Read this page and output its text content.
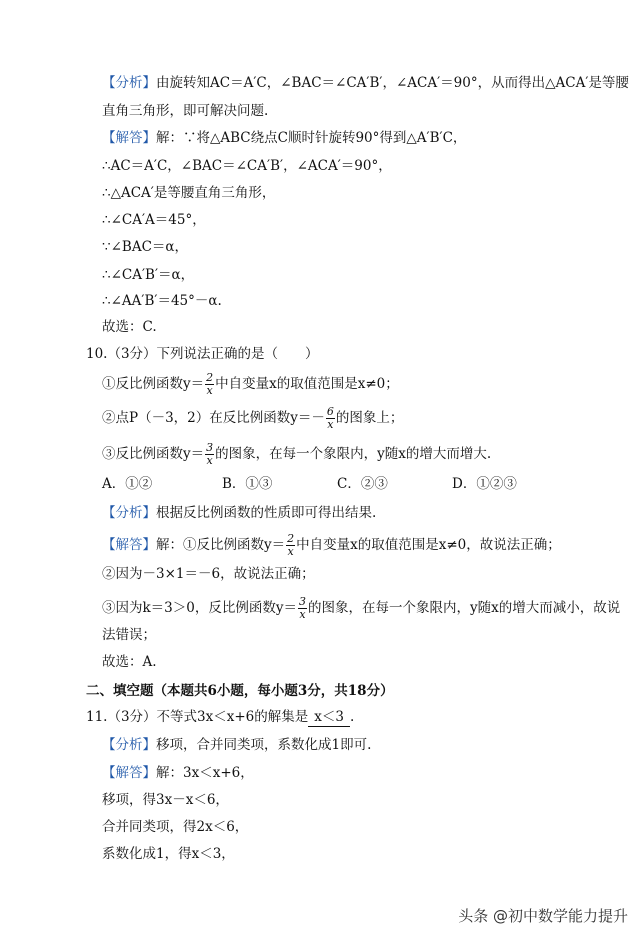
【分析】由旋转知AC＝A′C，∠BAC＝∠CA′B′，∠ACA′＝90°，从而得出△ACA′是等腰
直角三角形，即可解决问题.
【解答】解：∵将△ABC绕点C顺时针旋转90°得到△A′B′C，
∴AC＝A′C，∠BAC＝∠CA′B′，∠ACA′＝90°，
∴△ACA′是等腰直角三角形，
∴∠CA′A＝45°，
∵∠BAC＝α，
∴∠CA′B′＝α，
∴∠AA′B′＝45°－α.
故选：C.
10.（3分）下列说法正确的是（　　）
①反比例函数$y= \frac{2}{x}$ 中自变量x的取值范围是x≠0；
②点P（－3，2）在反比例函数$y=- \frac{6}{x}$ 的图象上；
③反比例函数$y= \frac{3}{x}$ 的图象，在每一个象限内，y随x的增大而增大.
A．①②	B．①③	C．②③	D．①②③
【分析】根据反比例函数的性质即可得出结果.
【解答】解：①反比例函数$y= \frac{2}{x}$ 中自变量x的取值范围是x≠0，故说法正确；
②因为－3×1＝－6，故说法正确；
③因为k＝3＞0，反比例函数$y= \frac{3}{x}$ 的图象，在每一个象限内，y随x的增大而减小，故说
法错误；
故选：A.
二、填空题（本题共6小题，每小题3分，共18分）
11.（3分）不等式3x＜x+6的解集是 x＜3 .
【分析】移项，合并同类项，系数化成1即可.
【解答】解：3x＜x+6，
移项，得3x－x＜6，
合并同类项，得2x＜6，
系数化成1，得x＜3，
头条 @初中数学能力提升
